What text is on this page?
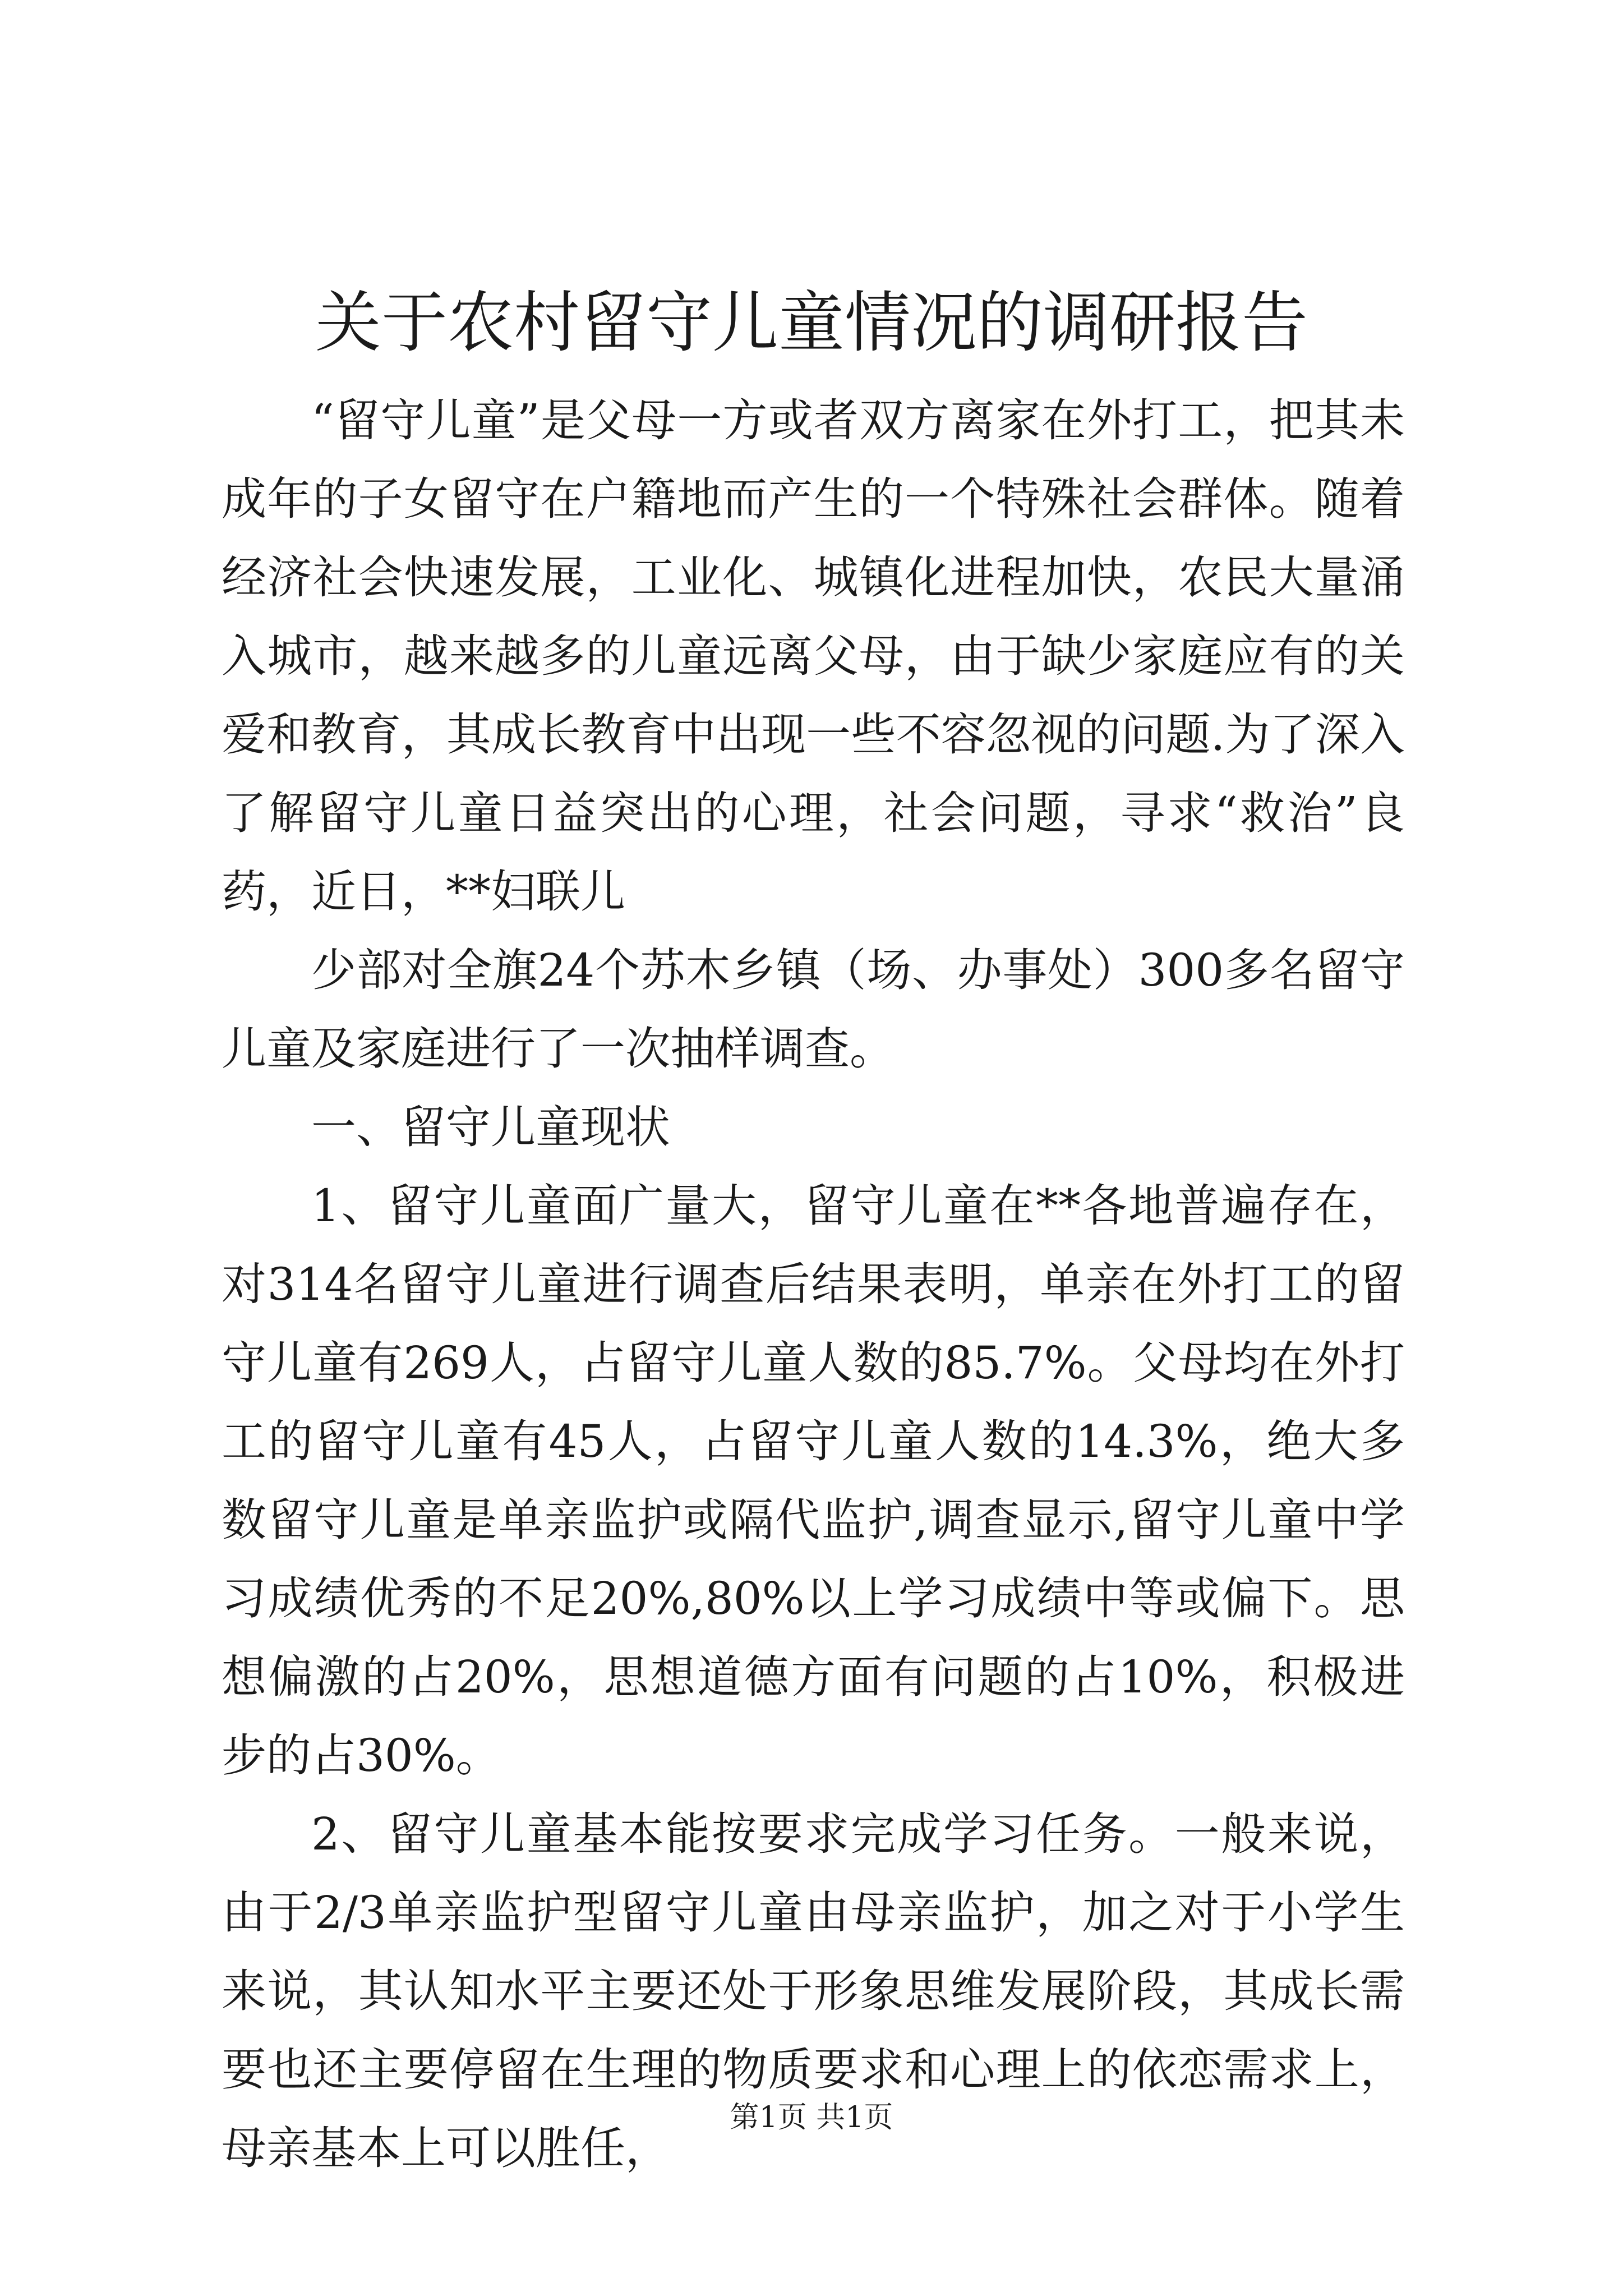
关于农村留守儿童情况的调研报告

“留守儿童”是父母一方或者双方离家在外打工，把其未成年的子女留守在户籍地而产生的一个特殊社会群体。随着经济社会快速发展，工业化、城镇化进程加快，农民大量涌入城市，越来越多的儿童远离父母，由于缺少家庭应有的关爱和教育，其成长教育中出现一些不容忽视的问题.为了深入了解留守儿童日益突出的心理，社会问题，寻求“救治”良药，近日，**妇联儿

少部对全旗24个苏木乡镇（场、办事处）300多名留守儿童及家庭进行了一次抽样调查。

一、留守儿童现状

1、留守儿童面广量大，留守儿童在**各地普遍存在，对314名留守儿童进行调查后结果表明，单亲在外打工的留守儿童有269人，占留守儿童人数的85.7%。父母均在外打工的留守儿童有45人，占留守儿童人数的14.3%，绝大多数留守儿童是单亲监护或隔代监护,调查显示,留守儿童中学习成绩优秀的不足20%,80%以上学习成绩中等或偏下。思想偏激的占20%，思想道德方面有问题的占10%，积极进步的占30%。

2、留守儿童基本能按要求完成学习任务。一般来说，由于2/3单亲监护型留守儿童由母亲监护，加之对于小学生来说，其认知水平主要还处于形象思维发展阶段，其成长需要也还主要停留在生理的物质要求和心理上的依恋需求上，母亲基本上可以胜任，

第1页 共1页
